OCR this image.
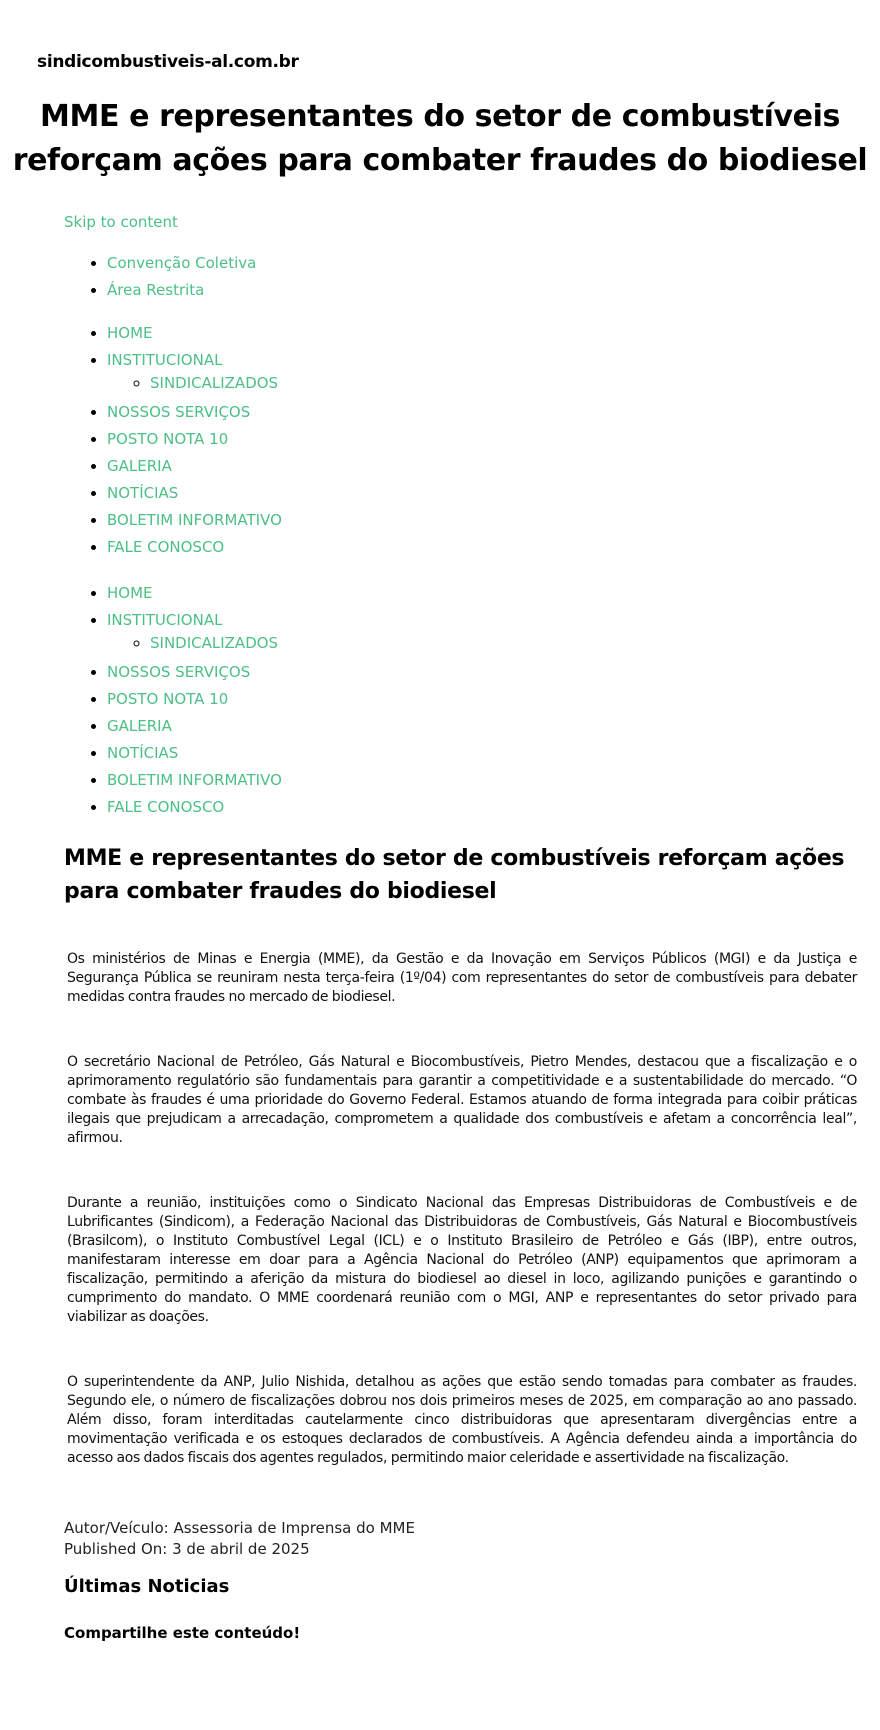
sindicombustiveis-al.com.br
MME e representantes do setor de combustíveis reforçam ações para combater fraudes do biodiesel
Skip to content
• Convenção Coletiva
• Área Restrita
• HOME
• INSTITUCIONAL
◦ SINDICALIZADOS
• NOSSOS SERVIÇOS
• POSTO NOTA 10
• GALERIA
• NOTÍCIAS
• BOLETIM INFORMATIVO
• FALE CONOSCO
• HOME
• INSTITUCIONAL
◦ SINDICALIZADOS
• NOSSOS SERVIÇOS
• POSTO NOTA 10
• GALERIA
• NOTÍCIAS
• BOLETIM INFORMATIVO
• FALE CONOSCO
MME e representantes do setor de combustíveis reforçam ações para combater fraudes do biodiesel

Os ministérios de Minas e Energia (MME), da Gestão e da Inovação em Serviços Públicos (MGI) e da Justiça e Segurança Pública se reuniram nesta terça-feira (1º/04) com representantes do setor de combustíveis para debater medidas contra fraudes no mercado de biodiesel.

O secretário Nacional de Petróleo, Gás Natural e Biocombustíveis, Pietro Mendes, destacou que a fiscalização e o aprimoramento regulatório são fundamentais para garantir a competitividade e a sustentabilidade do mercado. “O combate às fraudes é uma prioridade do Governo Federal. Estamos atuando de forma integrada para coibir práticas ilegais que prejudicam a arrecadação, comprometem a qualidade dos combustíveis e afetam a concorrência leal”, afirmou.

Durante a reunião, instituições como o Sindicato Nacional das Empresas Distribuidoras de Combustíveis e de Lubrificantes (Sindicom), a Federação Nacional das Distribuidoras de Combustíveis, Gás Natural e Biocombustíveis (Brasilcom), o Instituto Combustível Legal (ICL) e o Instituto Brasileiro de Petróleo e Gás (IBP), entre outros, manifestaram interesse em doar para a Agência Nacional do Petróleo (ANP) equipamentos que aprimoram a fiscalização, permitindo a aferição da mistura do biodiesel ao diesel in loco, agilizando punições e garantindo o cumprimento do mandato. O MME coordenará reunião com o MGI, ANP e representantes do setor privado para viabilizar as doações.

O superintendente da ANP, Julio Nishida, detalhou as ações que estão sendo tomadas para combater as fraudes. Segundo ele, o número de fiscalizações dobrou nos dois primeiros meses de 2025, em comparação ao ano passado. Além disso, foram interditadas cautelarmente cinco distribuidoras que apresentaram divergências entre a movimentação verificada e os estoques declarados de combustíveis. A Agência defendeu ainda a importância do acesso aos dados fiscais dos agentes regulados, permitindo maior celeridade e assertividade na fiscalização.

Autor/Veículo: Assessoria de Imprensa do MME
Published On: 3 de abril de 2025
Últimas Noticias
Compartilhe este conteúdo!
